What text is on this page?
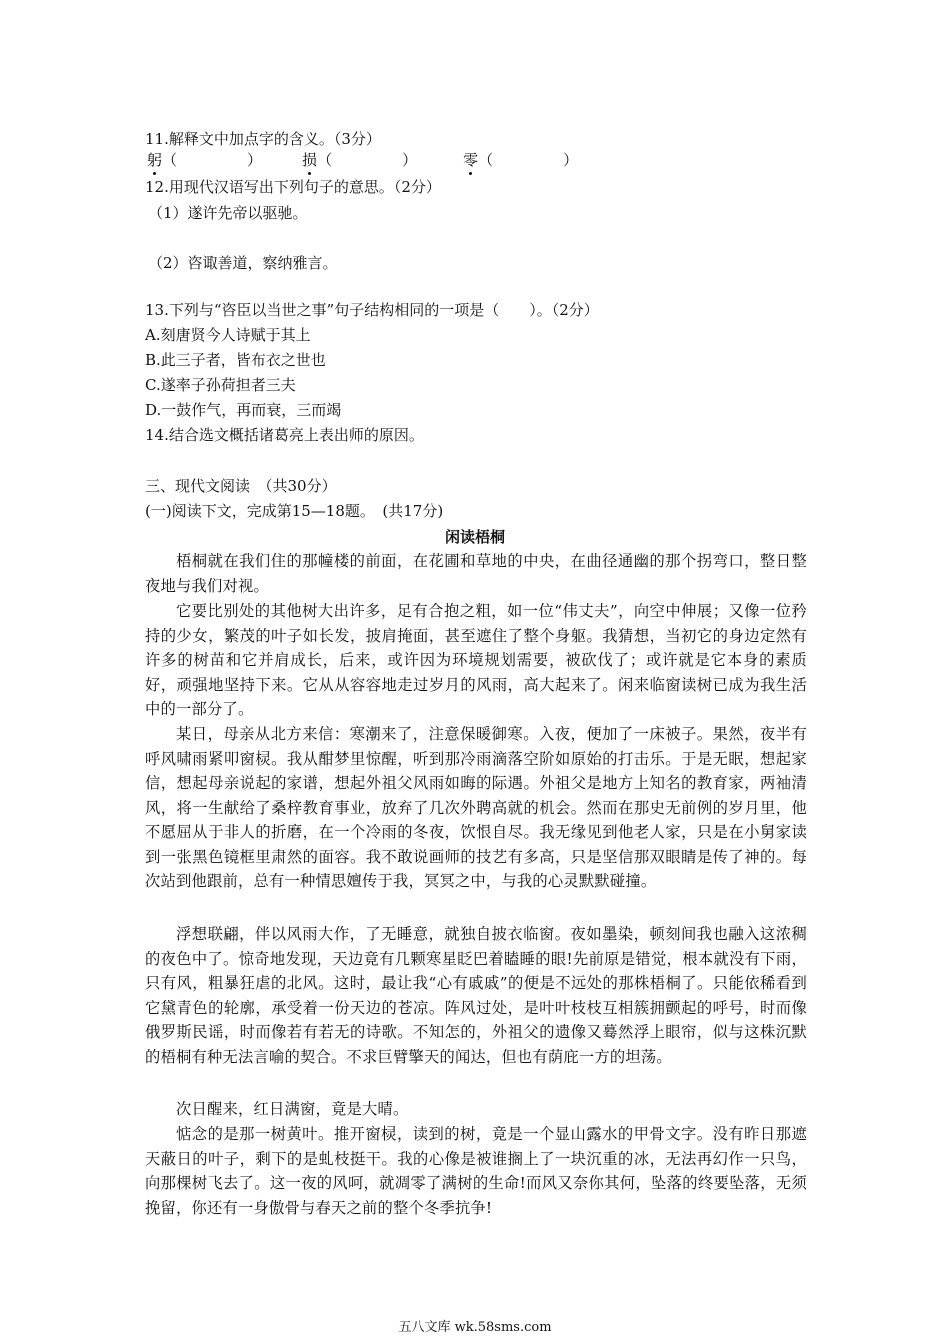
11.解释文中加点字的含义。（3分）
躬（	）	损（	）	零（	）
12.用现代汉语写出下列句子的意思。（2分）
（1）遂许先帝以驱驰。
（2）咨诹善道，察纳雅言。
13.下列与“咨臣以当世之事”句子结构相同的一项是（　　）。（2分）
A.刻唐贤今人诗赋于其上
B.此三子者，皆布衣之世也
C.遂率子孙荷担者三夫
D.一鼓作气，再而衰，三而竭
14.结合选文概括诸葛亮上表出师的原因。
三、现代文阅读　（共30分）
(一)阅读下文，完成第15—18题。　(共17分)
闲读梧桐
梧桐就在我们住的那幢楼的前面，在花圃和草地的中央，在曲径通幽的那个拐弯口，整日整夜地与我们对视。
它要比别处的其他树大出许多，足有合抱之粗，如一位“伟丈夫”，向空中伸展；又像一位矜持的少女，繁茂的叶子如长发，披肩掩面，甚至遮住了整个身躯。我猜想，当初它的身边定然有许多的树苗和它并肩成长，后来，或许因为环境规划需要，被砍伐了；或许就是它本身的素质好，顽强地坚持下来。它从从容容地走过岁月的风雨，高大起来了。闲来临窗读树已成为我生活中的一部分了。
某日，母亲从北方来信：寒潮来了，注意保暖御寒。入夜，便加了一床被子。果然，夜半有呼风啸雨紧叩窗棂。我从酣梦里惊醒，听到那冷雨滴落空阶如原始的打击乐。于是无眠，想起家信，想起母亲说起的家谱，想起外祖父风雨如晦的际遇。外祖父是地方上知名的教育家，两袖清风，将一生献给了桑梓教育事业，放弃了几次外聘高就的机会。然而在那史无前例的岁月里，他不愿屈从于非人的折磨，在一个冷雨的冬夜，饮恨自尽。我无缘见到他老人家，只是在小舅家读到一张黑色镜框里肃然的面容。我不敢说画师的技艺有多高，只是坚信那双眼睛是传了神的。每次站到他跟前，总有一种情思嬗传于我，冥冥之中，与我的心灵默默碰撞。
浮想联翩，伴以风雨大作，了无睡意，就独自披衣临窗。夜如墨染，顿刻间我也融入这浓稠的夜色中了。惊奇地发现，天边竟有几颗寒星眨巴着瞌睡的眼!先前原是错觉，根本就没有下雨，只有风，粗暴狂虐的北风。这时，最让我“心有戚戚”的便是不远处的那株梧桐了。只能依稀看到它黛青色的轮廓，承受着一份天边的苍凉。阵风过处，是叶叶枝枝互相簇拥颤起的呼号，时而像俄罗斯民谣，时而像若有若无的诗歌。不知怎的，外祖父的遗像又蓦然浮上眼帘，似与这株沉默的梧桐有种无法言喻的契合。不求巨臂擎天的闻达，但也有荫庇一方的坦荡。
次日醒来，红日满窗，竟是大晴。
惦念的是那一树黄叶。推开窗棂，读到的树，竟是一个显山露水的甲骨文字。没有昨日那遮天蔽日的叶子，剩下的是虬枝挺干。我的心像是被谁搁上了一块沉重的冰，无法再幻作一只鸟，向那棵树飞去了。这一夜的风呵，就凋零了满树的生命!而风又奈你其何，坠落的终要坠落，无须挽留，你还有一身傲骨与春天之前的整个冬季抗争!
五八文库 wk.58sms.com
